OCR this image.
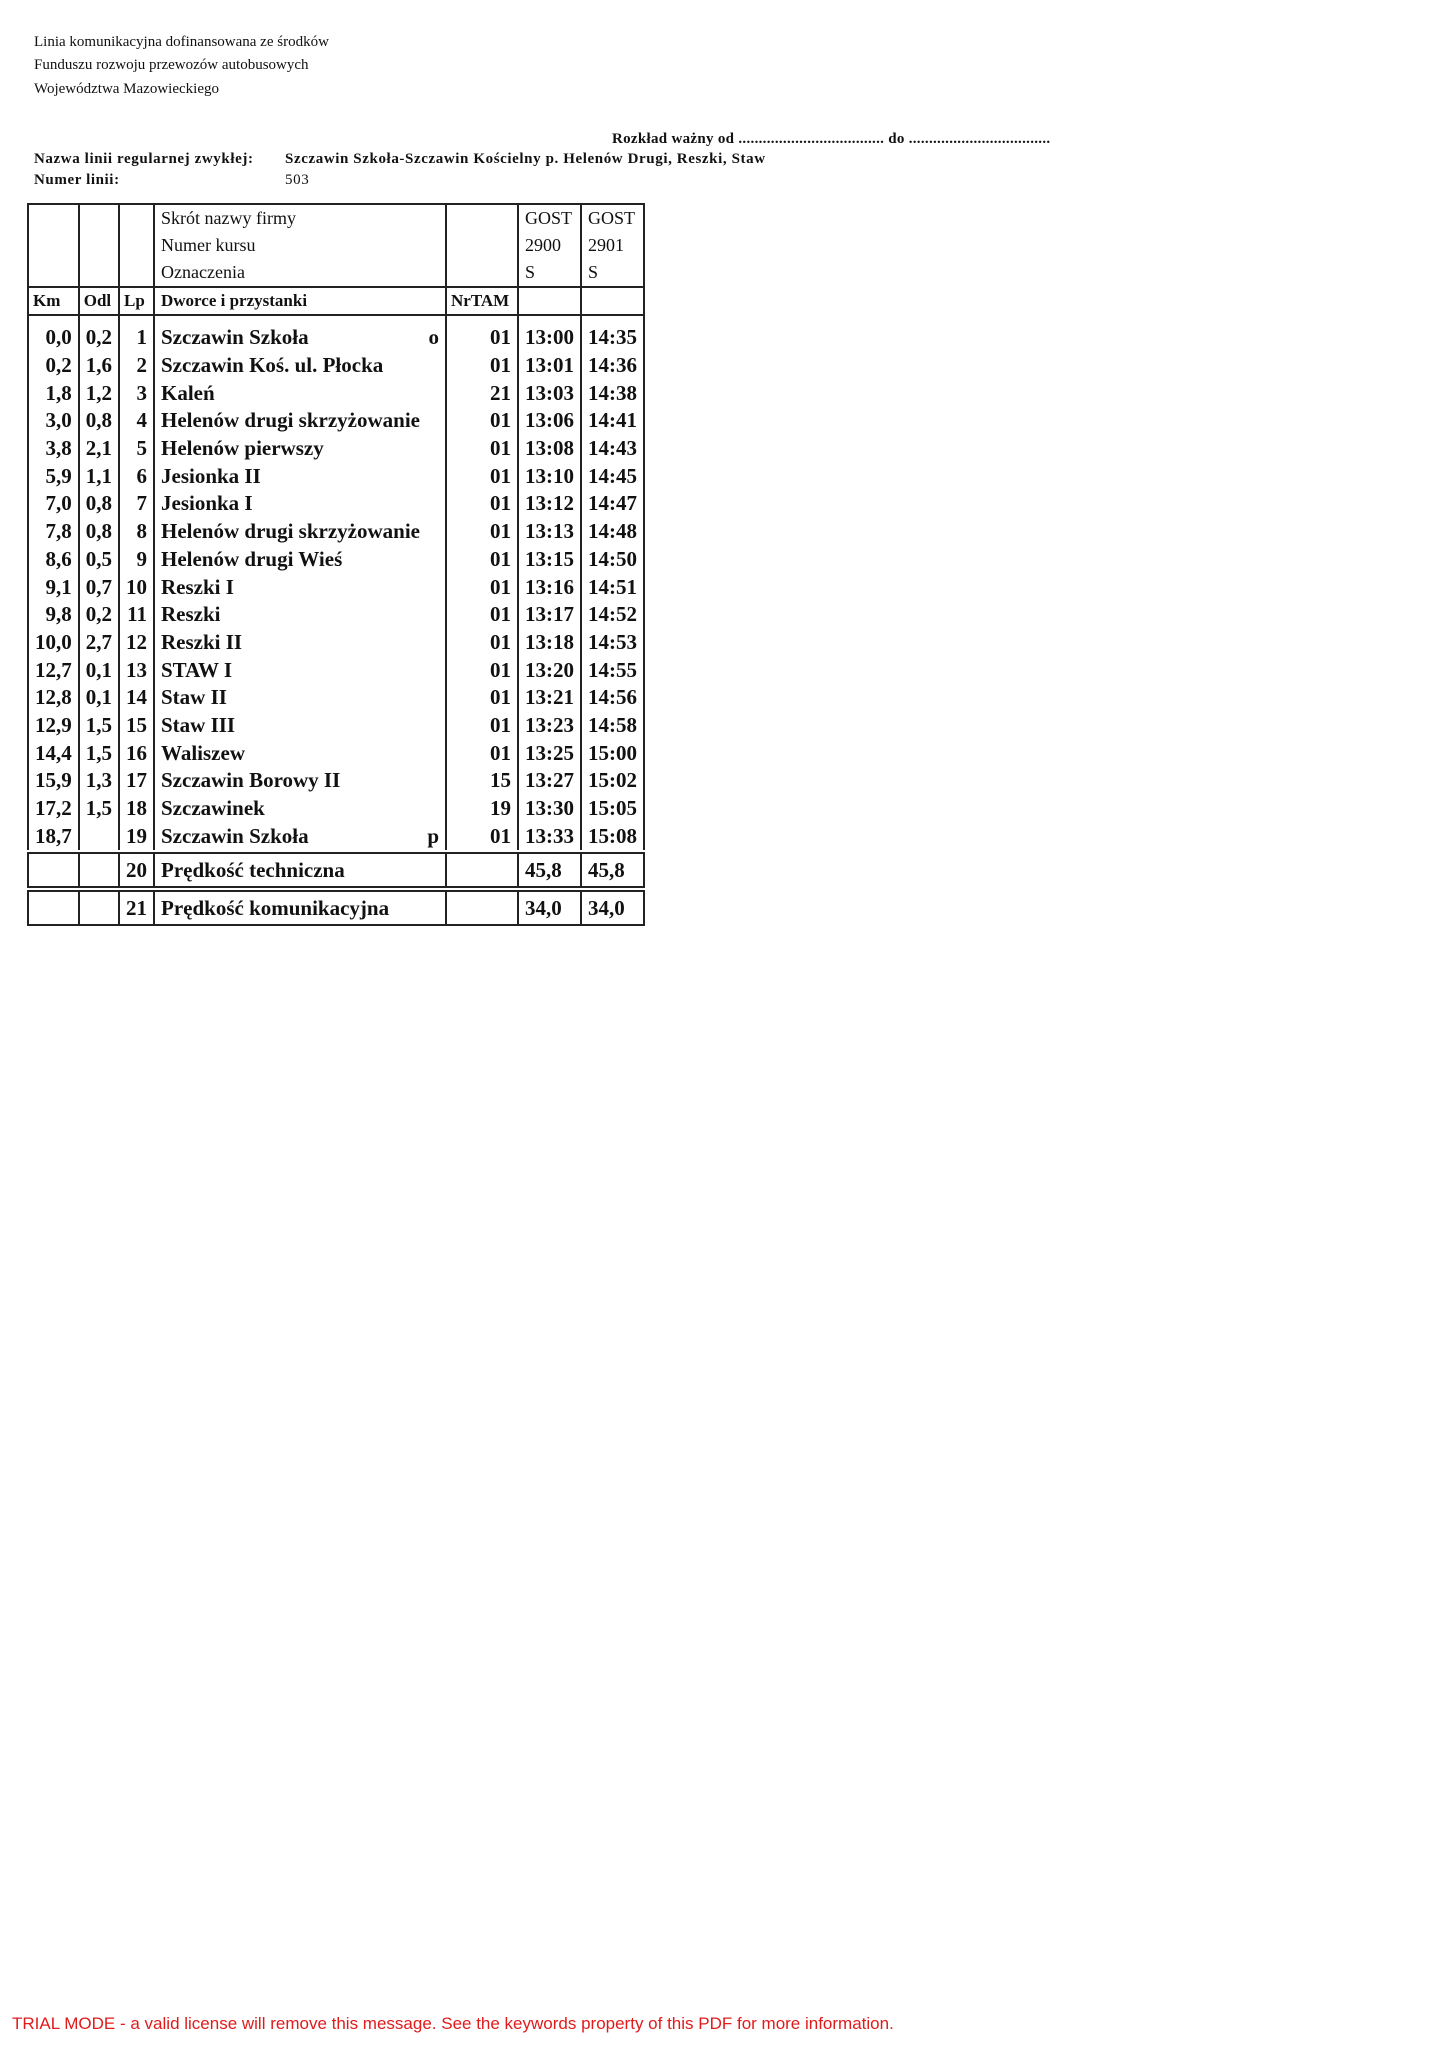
Linia komunikacyjna dofinansowana ze środków
Funduszu rozwoju przewozów autobusowych
Województwa Mazowieckiego
Rozkład ważny od .................................... do ...................................
Nazwa linii regularnej zwykłej: Szczawin Szkoła-Szczawin Kościelny p. Helenów Drugi, Reszki, Staw
Numer linii:	503
			Skrót nazwy firmy		GOST	GOST
			Numer kursu		2900	2901
			Oznaczenia		S	S
Km	Odl	Lp	Dworce i przystanki	NrTAM		

0,0	0,2	1	Szczawin Szkoła o	01	13:00	14:35
0,2	1,6	2	Szczawin Koś. ul. Płocka	01	13:01	14:36
1,8	1,2	3	Kaleń	21	13:03	14:38
3,0	0,8	4	Helenów drugi skrzyżowanie	01	13:06	14:41
3,8	2,1	5	Helenów pierwszy	01	13:08	14:43
5,9	1,1	6	Jesionka II	01	13:10	14:45
7,0	0,8	7	Jesionka I	01	13:12	14:47
7,8	0,8	8	Helenów drugi skrzyżowanie	01	13:13	14:48
8,6	0,5	9	Helenów drugi Wieś	01	13:15	14:50
9,1	0,7	10	Reszki I	01	13:16	14:51
9,8	0,2	11	Reszki	01	13:17	14:52
10,0	2,7	12	Reszki II	01	13:18	14:53
12,7	0,1	13	STAW I	01	13:20	14:55
12,8	0,1	14	Staw II	01	13:21	14:56
12,9	1,5	15	Staw III	01	13:23	14:58
14,4	1,5	16	Waliszew	01	13:25	15:00
15,9	1,3	17	Szczawin Borowy II	15	13:27	15:02
17,2	1,5	18	Szczawinek	19	13:30	15:05
18,7		19	Szczawin Szkoła p	01	13:33	15:08

		20	Prędkość techniczna		45,8	45,8

		21	Prędkość komunikacyjna		34,0	34,0
TRIAL MODE - a valid license will remove this message. See the keywords property of this PDF for more information.
